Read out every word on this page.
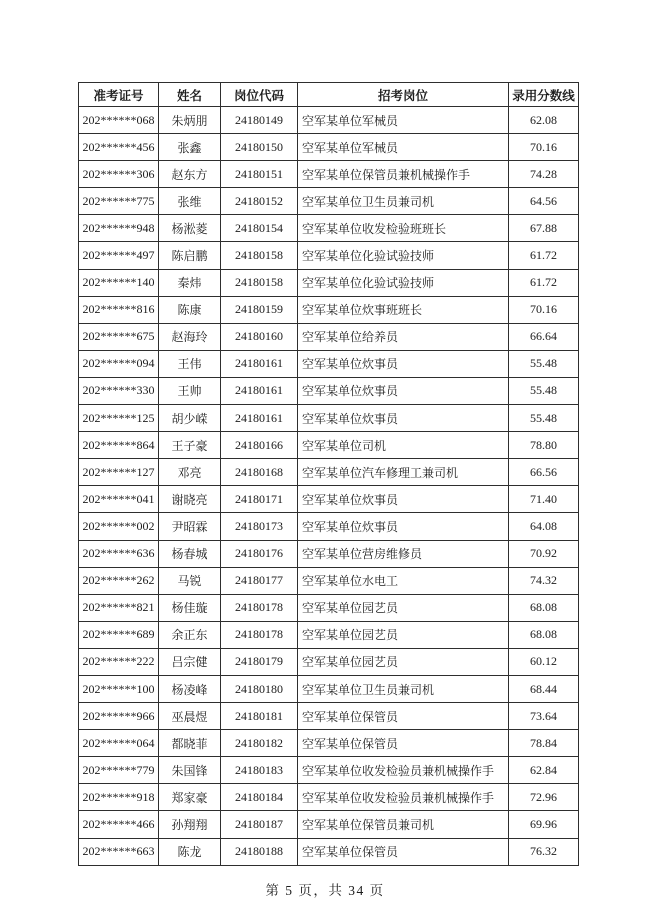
准考证号	姓名	岗位代码	招考岗位	录用分数线
202******068	朱炳朋	24180149	空军某单位军械员	62.08
202******456	张鑫	24180150	空军某单位军械员	70.16
202******306	赵东方	24180151	空军某单位保管员兼机械操作手	74.28
202******775	张维	24180152	空军某单位卫生员兼司机	64.56
202******948	杨淞菱	24180154	空军某单位收发检验班班长	67.88
202******497	陈启鹏	24180158	空军某单位化验试验技师	61.72
202******140	秦炜	24180158	空军某单位化验试验技师	61.72
202******816	陈康	24180159	空军某单位炊事班班长	70.16
202******675	赵海玲	24180160	空军某单位给养员	66.64
202******094	王伟	24180161	空军某单位炊事员	55.48
202******330	王帅	24180161	空军某单位炊事员	55.48
202******125	胡少嵘	24180161	空军某单位炊事员	55.48
202******864	王子豪	24180166	空军某单位司机	78.80
202******127	邓亮	24180168	空军某单位汽车修理工兼司机	66.56
202******041	谢晓亮	24180171	空军某单位炊事员	71.40
202******002	尹昭霖	24180173	空军某单位炊事员	64.08
202******636	杨春城	24180176	空军某单位营房维修员	70.92
202******262	马锐	24180177	空军某单位水电工	74.32
202******821	杨佳璇	24180178	空军某单位园艺员	68.08
202******689	余正东	24180178	空军某单位园艺员	68.08
202******222	吕宗健	24180179	空军某单位园艺员	60.12
202******100	杨凌峰	24180180	空军某单位卫生员兼司机	68.44
202******966	巫晨煜	24180181	空军某单位保管员	73.64
202******064	都晓菲	24180182	空军某单位保管员	78.84
202******779	朱国锋	24180183	空军某单位收发检验员兼机械操作手	62.84
202******918	郑家豪	24180184	空军某单位收发检验员兼机械操作手	72.96
202******466	孙翔翔	24180187	空军某单位保管员兼司机	69.96
202******663	陈龙	24180188	空军某单位保管员	76.32
第 5 页，共 34 页
